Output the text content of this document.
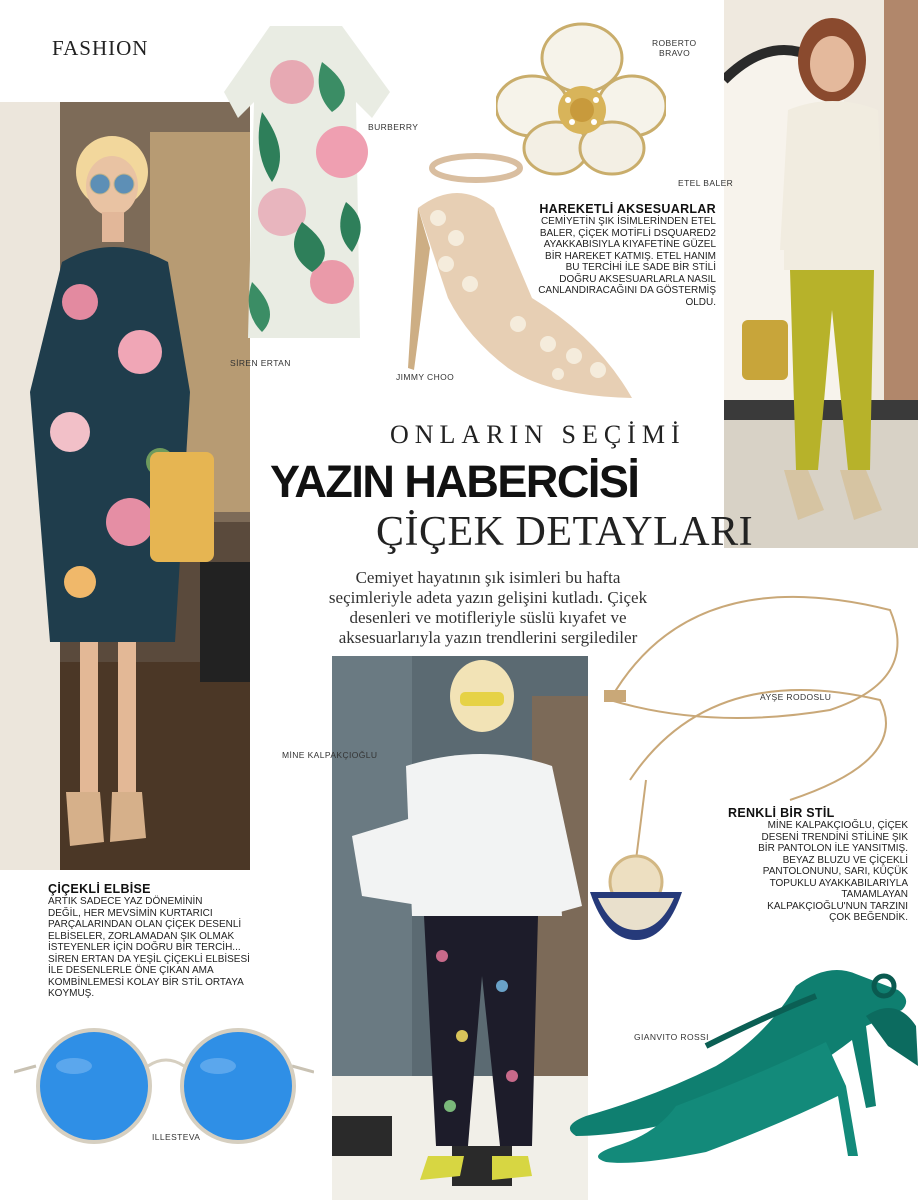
FASHION
SİREN ERTAN
BURBERRY
ROBERTO
BRAVO
JIMMY CHOO
HAREKETLİ AKSESUARLAR
CEMİYETİN ŞIK İSİMLERİNDEN ETEL
BALER, ÇİÇEK MOTİFLİ DSQUARED2
AYAKKABISIYLA KIYAFETİNE GÜZEL
BİR HAREKET KATMIŞ. ETEL HANIM
BU TERCİHİ İLE SADE BİR STİLİ
DOĞRU AKSESUARLARLA NASIL
CANLANDIRACAĞINI DA GÖSTERMİŞ
OLDU.
ETEL BALER
ONLARIN SEÇİMİ
YAZIN HABERCİSİ
ÇİÇEK DETAYLARI
Cemiyet hayatının şık isimleri bu hafta
seçimleriyle adeta yazın gelişini kutladı. Çiçek
desenleri ve motifleriyle süslü kıyafet ve
aksesuarlarıyla yazın trendlerini sergilediler
AYŞE RODOSLU
MİNE KALPAKÇIOĞLU
RENKLİ BİR STİL
MİNE KALPAKÇIOĞLU, ÇİÇEK
DESENİ TRENDİNİ STİLİNE ŞIK
BİR PANTOLON İLE YANSITMIŞ.
BEYAZ BLUZU VE ÇİÇEKLİ
PANTOLONUNU, SARI, KÜÇÜK
TOPUKLU AYAKKABILARIYLA
TAMAMLAYAN
KALPAKÇIOĞLU'NUN TARZINI
ÇOK BEĞENDİK.
ÇİÇEKLİ ELBİSE
ARTIK SADECE YAZ DÖNEMİNİN
DEĞİL, HER MEVSİMİN KURTARICI
PARÇALARINDAN OLAN ÇİÇEK DESENLİ
ELBİSELER, ZORLAMADAN ŞIK OLMAK
İSTEYENLER İÇİN DOĞRU BİR TERCİH...
SİREN ERTAN DA YEŞİL ÇİÇEKLİ ELBİSESİ
İLE DESENLERLE ÖNE ÇIKAN AMA
KOMBİNLEMESİ KOLAY BİR STİL ORTAYA
KOYMUŞ.
ILLESTEVA
GIANVITO ROSSI
